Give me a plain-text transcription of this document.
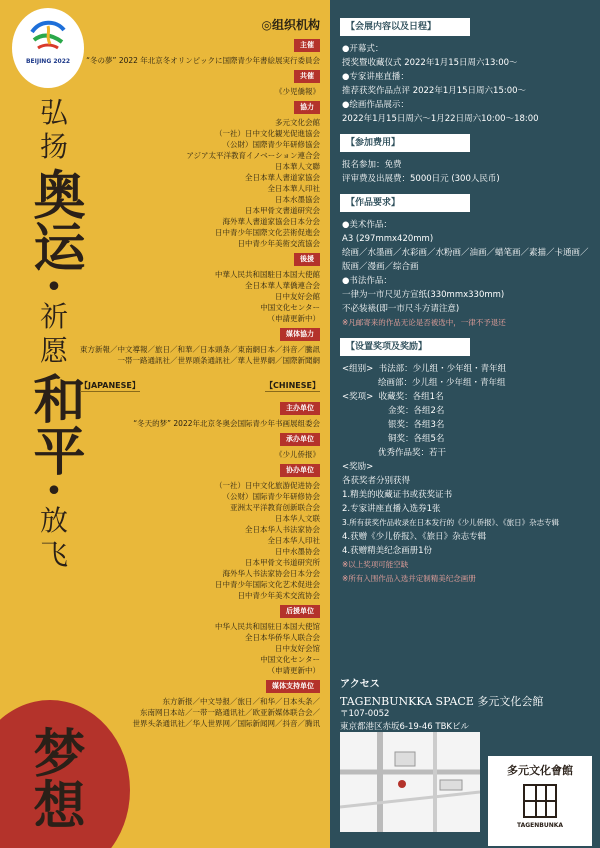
BEIJING 2022
弘
扬
奥运
•
祈
愿
和平
•
放
飞
梦想
◎组织机构
主催
“冬の夢” 2022 年北京冬オリンピックに国際青少年書絵展実行委員会
共催
《少児僑報》
協力
多元文化会館
（一社）日中文化観光促進協会
（公財）国際青少年研修協会
アジア太平洋教育イノベーション連合会
日本華人文聯
全日本華人書道家協会
全日本華人印社
日本水墨協会
日本甲骨文書道研究会
海外華人書道家協会日本分会
日中青少年国際文化芸術促進会
日中青少年美術交流協会
後援
中華人民共和国駐日本国大使館
全日本華人華僑連合会
日中友好会館
中国文化センター
（申請更新中）
媒体協力
東方新報／中文導報／旅日／和華／日本頭条／東南網日本／抖音／騰訊
一帯一路通訊社／世界頭条通訊社／華人世界網／国際新聞網
【JAPANESE】	【CHINESE】
主办单位
“冬天的梦” 2022年北京冬奥会国际青少年书画展组委会
承办单位
《少儿侨报》
协办单位
（一社）日中文化旅游促进协会
（公财）国际青少年研修协会
亚洲太平洋教育创新联合会
日本华人文联
全日本华人书法家协会
全日本华人印社
日中水墨协会
日本甲骨文书道研究所
海外华人书法家协会日本分会
日中青少年国际文化艺术促进会
日中青少年美术交流协会
后援单位
中华人民共和国驻日本国大使馆
全日本华侨华人联合会
日中友好会馆
中国文化センター
（申请更新中）
媒体支持单位
东方新报／中文导报／旅日／和华／日本头条／
东南网日本站／一带一路通讯社／欧亚新媒体联合会／
世界头条通讯社／华人世界网／国际新闻网／抖音／腾讯
【会展内容以及日程】
●开幕式：
授奖暨收藏仪式 2022年1月15日周六13:00～
●专家讲座直播：
推荐获奖作品点评 2022年1月15日周六15:00～
●绘画作品展示：
2022年1月15日周六～1月22日周六10:00～18:00
【参加费用】
报名参加：免费
评审费及出展费：5000日元 (300人民币)
【作品要求】
●美术作品：
A3 (297mmx420mm)
绘画／水墨画／水彩画／水粉画／油画／蜡笔画／素描／卡通画／
版画／漫画／综合画
●书法作品：
一律为一市尺见方宣纸(330mmx330mm)
不必装裱(即一市尺斗方请注意)
※凡邮寄来的作品无论是否被选中，一律不予退还
【设置奖项及奖励】
<组别> 书法部：少儿组・少年组・青年组
绘画部：少儿组・少年组・青年组
<奖项> 收藏奖：各组1名
金奖：各组2名
银奖：各组3名
铜奖：各组5名
优秀作品奖：若干
<奖励>
各获奖者分别获得
1.精美的收藏证书或获奖证书
2.专家讲座直播入选券1张
3.所有获奖作品收录在日本发行的《少儿侨报》、《旅日》杂志专辑
4.获赠《少儿侨报》、《旅日》杂志专辑
4.获赠精美纪念画册1份
※以上奖项可能空缺
※所有入围作品入选并定制精美纪念画册
アクセス
TAGENBUNKKA SPACE 多元文化会館
〒107-0052
東京都港区赤坂6-19-46 TBKビル
多元文化會館
TAGENBUNKA
